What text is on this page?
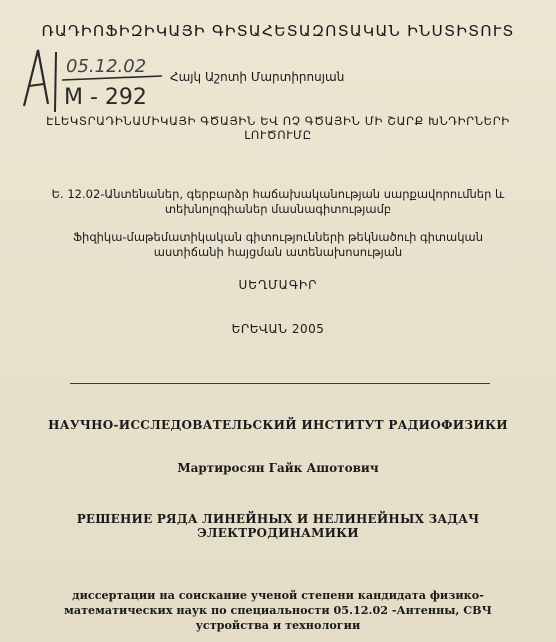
ՌԱԴԻՈՖԻԶԻԿԱՅԻ ԳԻՏԱՀԵՏԱԶՈՏԱԿԱՆ ԻՆՍՏԻՏՈՒՏ
05.12.02
M - 292
Հայկ Աշոտի Մարտիրոսյան
ԷԼԵԿՏՐԱԴԻՆԱՄԻԿԱՅԻ ԳԾԱՅԻՆ ԵՎ ՈՉ ԳԾԱՅԻՆ ՄԻ ՇԱՐՔ ԽՆԴԻՐՆԵՐԻ
ԼՈՒԾՈՒՄԸ
Ե. 12.02-Անտենաներ, գերբարձր հաճախականության սարքավորումներ և
տեխնոլոգիաներ մասնագիտությամբ
Ֆիզիկա-մաթեմատիկական գիտությունների թեկնածուի գիտական
աստիճանի հայցման ատենախոսության
ՍԵՂՄԱԳԻՐ
ԵՐԵՎԱՆ 2005
НАУЧНО-ИССЛЕДОВАТЕЛЬСКИЙ ИНСТИТУТ РАДИОФИЗИКИ
Мартиросян Гайк Ашотович
РЕШЕНИЕ РЯДА ЛИНЕЙНЫХ И НЕЛИНЕЙНЫХ ЗАДАЧ
ЭЛЕКТРОДИНАМИКИ
диссертации на соискание ученой степени кандидата физико-
математических наук по специальности 05.12.02 -Антенны, СВЧ
устройства и технологии
